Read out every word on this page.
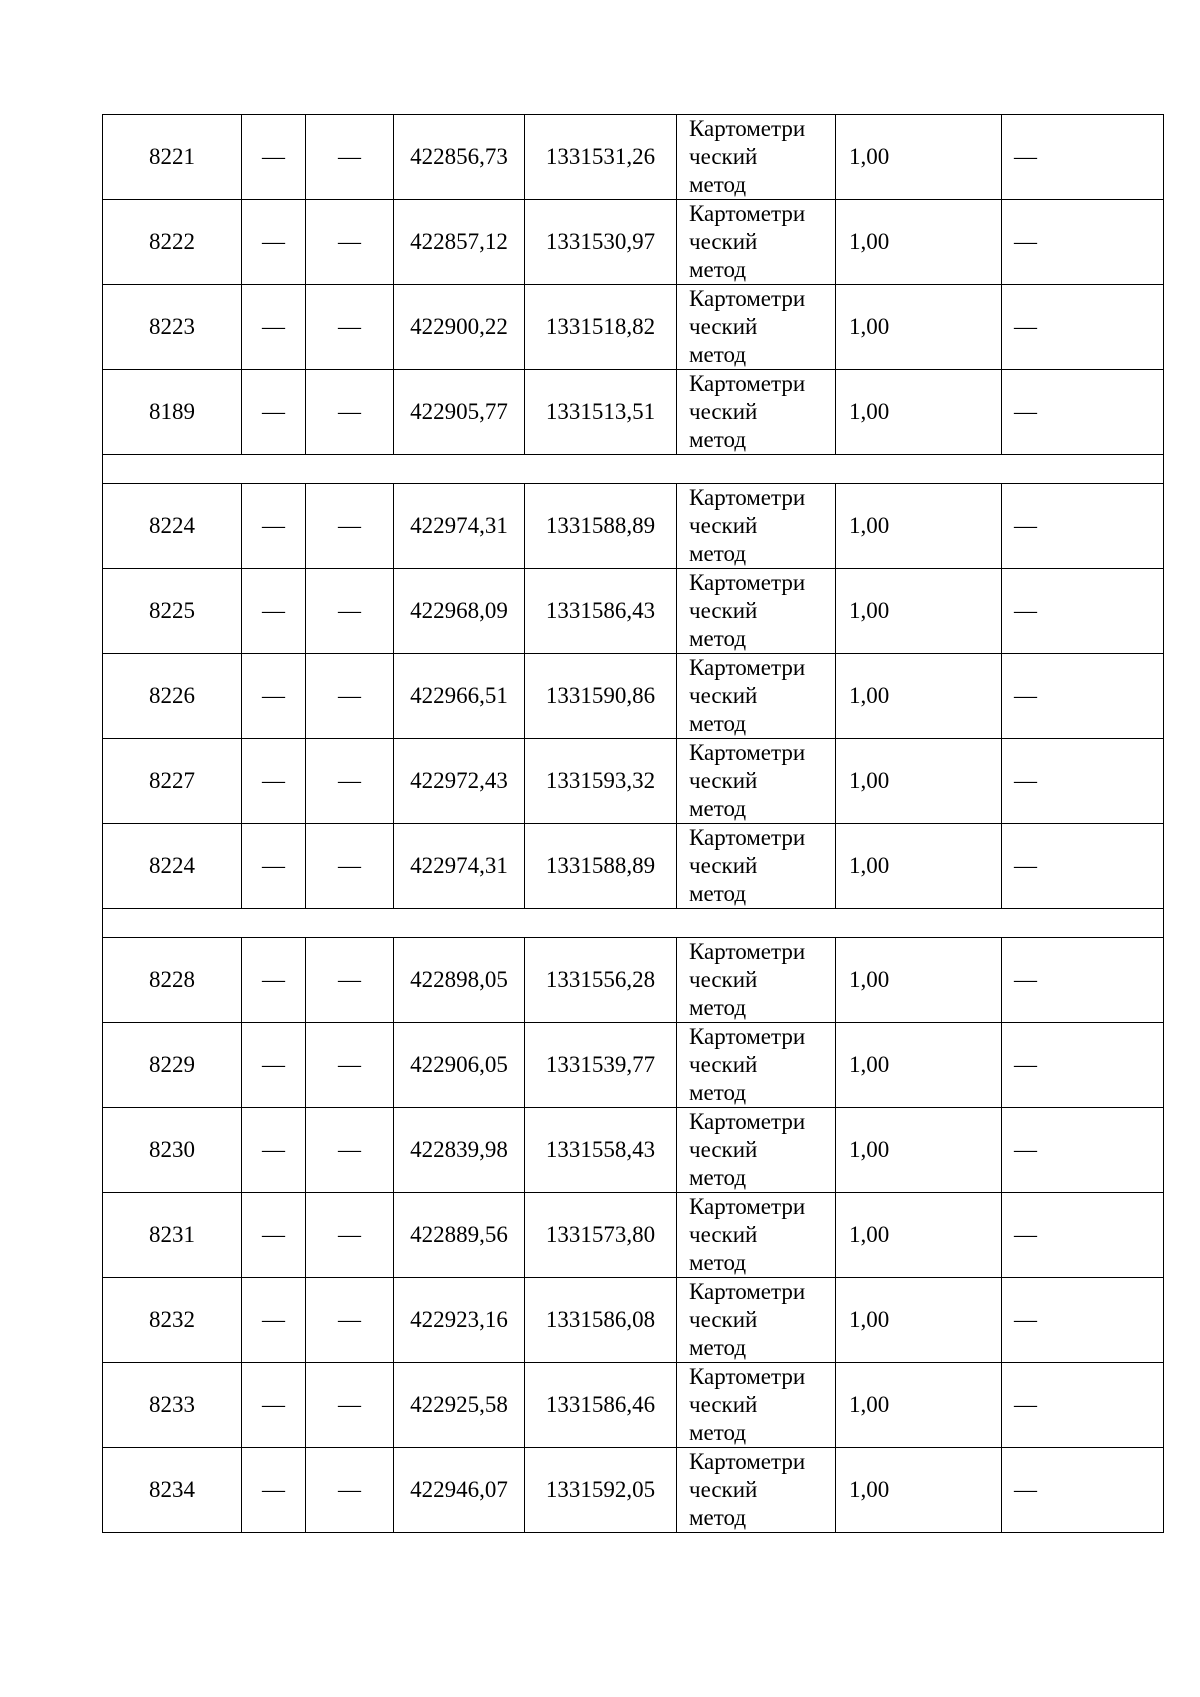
8221	—	—	422856,73	1331531,26	Картометри
ческий
метод	1,00	—
8222	—	—	422857,12	1331530,97	Картометри
ческий
метод	1,00	—
8223	—	—	422900,22	1331518,82	Картометри
ческий
метод	1,00	—
8189	—	—	422905,77	1331513,51	Картометри
ческий
метод	1,00	—

8224	—	—	422974,31	1331588,89	Картометри
ческий
метод	1,00	—
8225	—	—	422968,09	1331586,43	Картометри
ческий
метод	1,00	—
8226	—	—	422966,51	1331590,86	Картометри
ческий
метод	1,00	—
8227	—	—	422972,43	1331593,32	Картометри
ческий
метод	1,00	—
8224	—	—	422974,31	1331588,89	Картометри
ческий
метод	1,00	—

8228	—	—	422898,05	1331556,28	Картометри
ческий
метод	1,00	—
8229	—	—	422906,05	1331539,77	Картометри
ческий
метод	1,00	—
8230	—	—	422839,98	1331558,43	Картометри
ческий
метод	1,00	—
8231	—	—	422889,56	1331573,80	Картометри
ческий
метод	1,00	—
8232	—	—	422923,16	1331586,08	Картометри
ческий
метод	1,00	—
8233	—	—	422925,58	1331586,46	Картометри
ческий
метод	1,00	—
8234	—	—	422946,07	1331592,05	Картометри
ческий
метод	1,00	—
